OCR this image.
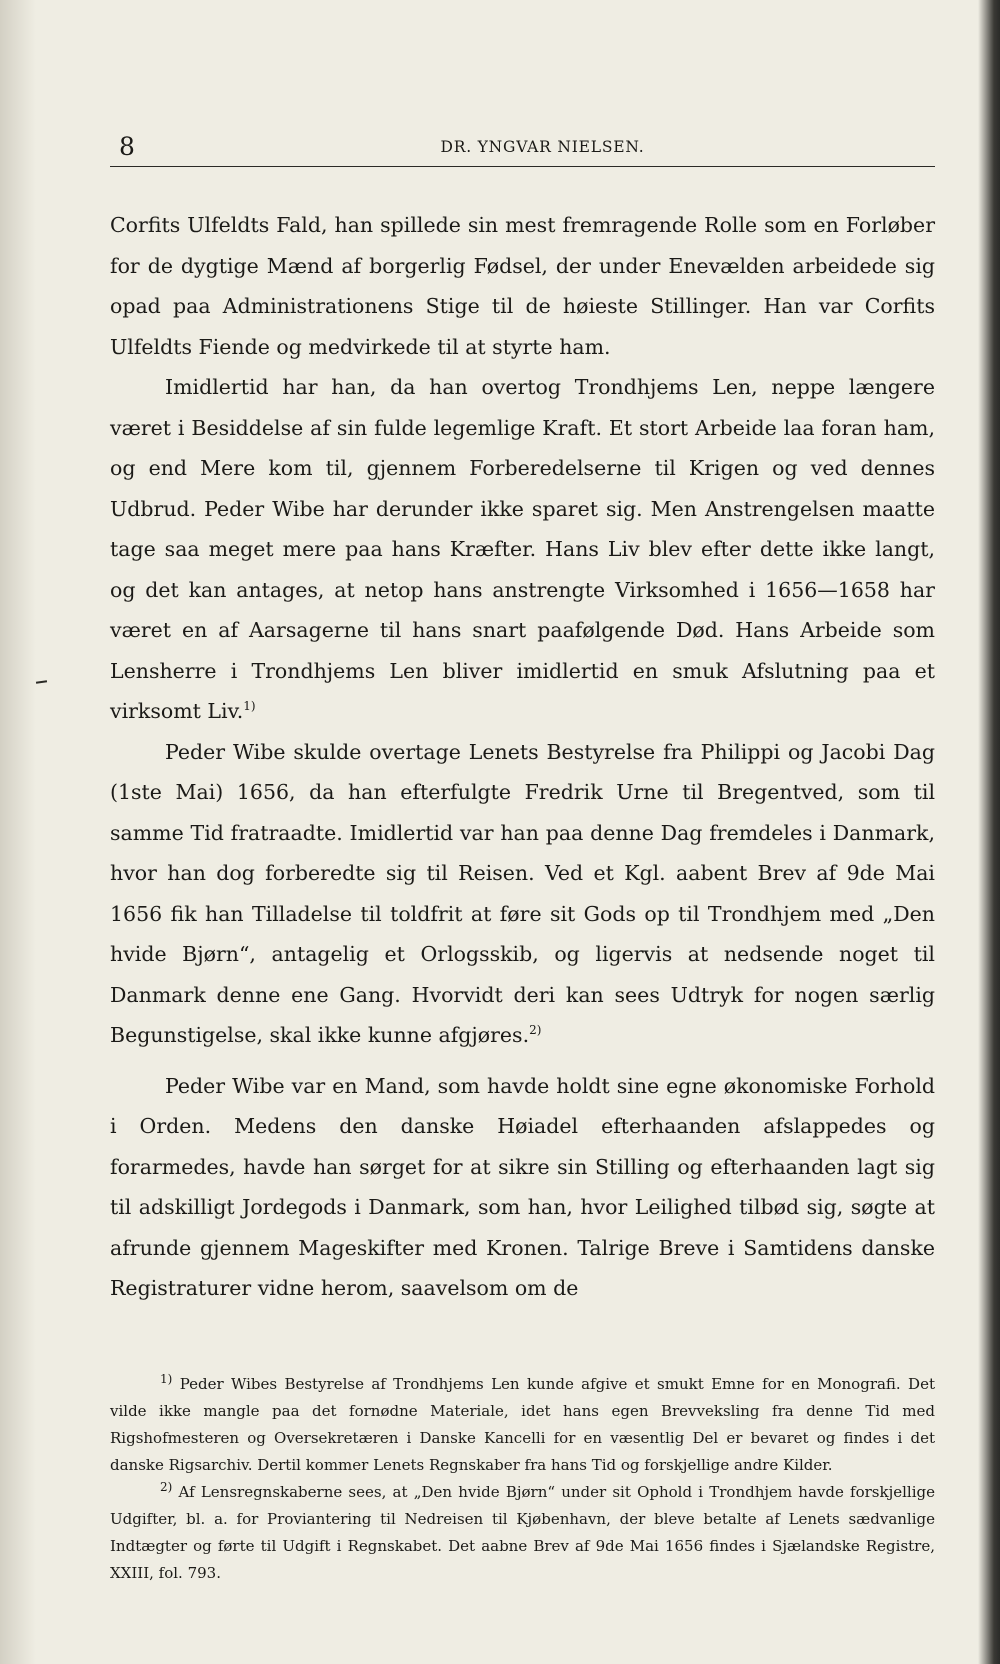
8	DR. YNGVAR NIELSEN.

Corfits Ulfeldts Fald, han spillede sin mest fremragende Rolle som en Forløber for de dygtige Mænd af borgerlig Fødsel, der under Enevælden arbeidede sig opad paa Administrationens Stige til de høieste Stillinger. Han var Corfits Ulfeldts Fiende og medvirkede til at styrte ham.

Imidlertid har han, da han overtog Trondhjems Len, neppe længere været i Besiddelse af sin fulde legemlige Kraft. Et stort Arbeide laa foran ham, og end Mere kom til, gjennem Forberedelserne til Krigen og ved dennes Udbrud. Peder Wibe har derunder ikke sparet sig. Men Anstrengelsen maatte tage saa meget mere paa hans Kræfter. Hans Liv blev efter dette ikke langt, og det kan antages, at netop hans anstrengte Virksomhed i 1656—1658 har været en af Aarsagerne til hans snart paafølgende Død. Hans Arbeide som Lensherre i Trondhjems Len bliver imidlertid en smuk Afslutning paa et virksomt Liv.$^{1)}$

Peder Wibe skulde overtage Lenets Bestyrelse fra Philippi og Jacobi Dag (1ste Mai) 1656, da han efterfulgte Fredrik Urne til Bregentved, som til samme Tid fratraadte. Imidlertid var han paa denne Dag fremdeles i Danmark, hvor han dog forberedte sig til Reisen. Ved et Kgl. aabent Brev af 9de Mai 1656 fik han Tilladelse til toldfrit at føre sit Gods op til Trondhjem med „Den hvide Bjørn“, antagelig et Orlogsskib, og ligervis at nedsende noget til Danmark denne ene Gang. Hvorvidt deri kan sees Udtryk for nogen særlig Begunstigelse, skal ikke kunne afgjøres.$^{2)}$

Peder Wibe var en Mand, som havde holdt sine egne økonomiske Forhold i Orden. Medens den danske Høiadel efterhaanden afslappedes og forarmedes, havde han sørget for at sikre sin Stilling og efterhaanden lagt sig til adskilligt Jordegods i Danmark, som han, hvor Leilighed tilbød sig, søgte at afrunde gjennem Mageskifter med Kronen. Talrige Breve i Samtidens danske Registraturer vidne herom, saavelsom om de

$^{1)}$ Peder Wibes Bestyrelse af Trondhjems Len kunde afgive et smukt Emne for en Monografi. Det vilde ikke mangle paa det fornødne Materiale, idet hans egen Brevveksling fra denne Tid med Rigshofmesteren og Oversekretæren i Danske Kancelli for en væsentlig Del er bevaret og findes i det danske Rigsarchiv. Dertil kommer Lenets Regnskaber fra hans Tid og forskjellige andre Kilder.

$^{2)}$ Af Lensregnskaberne sees, at „Den hvide Bjørn“ under sit Ophold i Trondhjem havde forskjellige Udgifter, bl. a. for Proviantering til Nedreisen til Kjøbenhavn, der bleve betalte af Lenets sædvanlige Indtægter og førte til Udgift i Regnskabet. Det aabne Brev af 9de Mai 1656 findes i Sjælandske Registre, XXIII, fol. 793.
